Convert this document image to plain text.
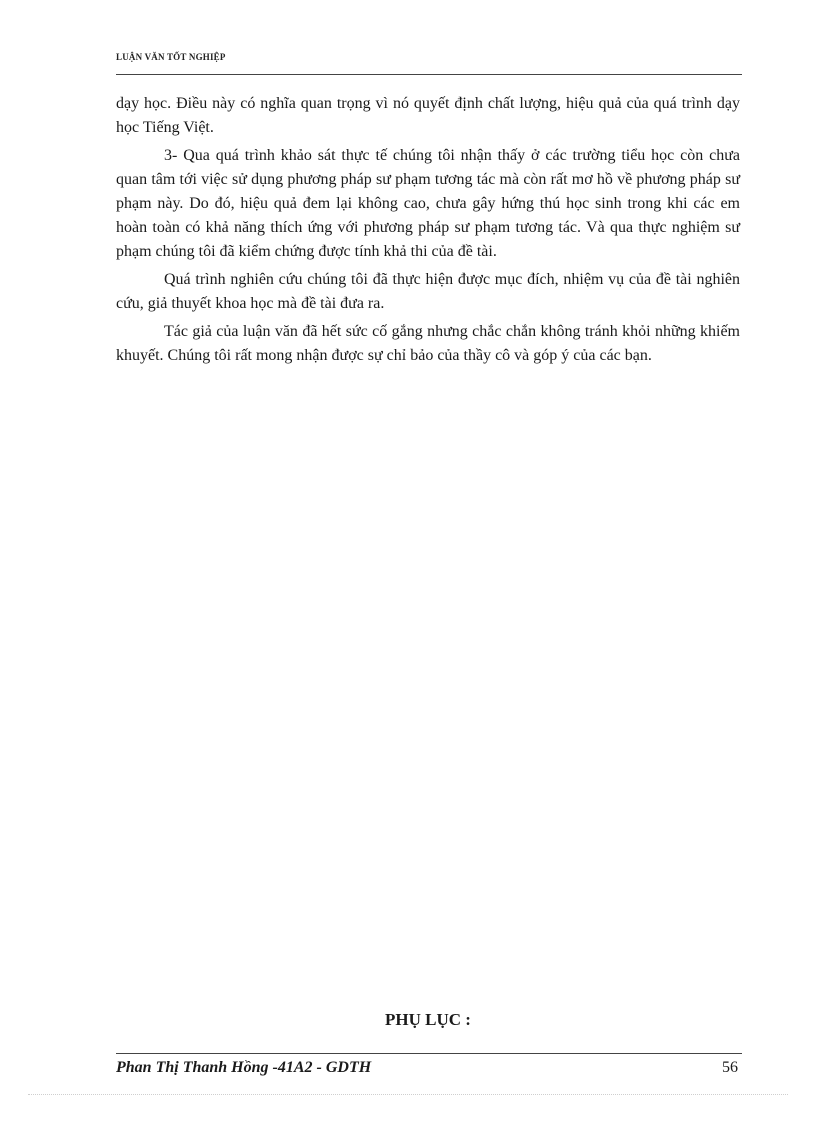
LUẬN VĂN TỐT NGHIỆP

dạy học. Điều này có nghĩa quan trọng vì nó quyết định chất lượng, hiệu quả của quá trình dạy học Tiếng Việt.

3- Qua quá trình khảo sát thực tế chúng tôi nhận thấy ở các trường tiểu học còn chưa quan tâm tới việc sử dụng phương pháp sư phạm tương tác mà còn rất mơ hồ về phương pháp sư phạm này. Do đó, hiệu quả đem lại không cao, chưa gây hứng thú học sinh trong khi các em hoàn toàn có khả năng thích ứng với phương pháp sư phạm tương tác. Và qua thực nghiệm sư phạm chúng tôi đã kiểm chứng được tính khả thi của đề tài.

Quá trình nghiên cứu chúng tôi đã thực hiện được mục đích, nhiệm vụ của đề tài nghiên cứu, giả thuyết khoa học mà đề tài đưa ra.

Tác giả của luận văn đã hết sức cố gắng nhưng chắc chắn không tránh khỏi những khiếm khuyết. Chúng tôi rất mong nhận được sự chỉ bảo của thầy cô và góp ý của các bạn.

PHỤ LỤC :
Phan Thị Thanh Hồng -41A2 - GDTH	56
